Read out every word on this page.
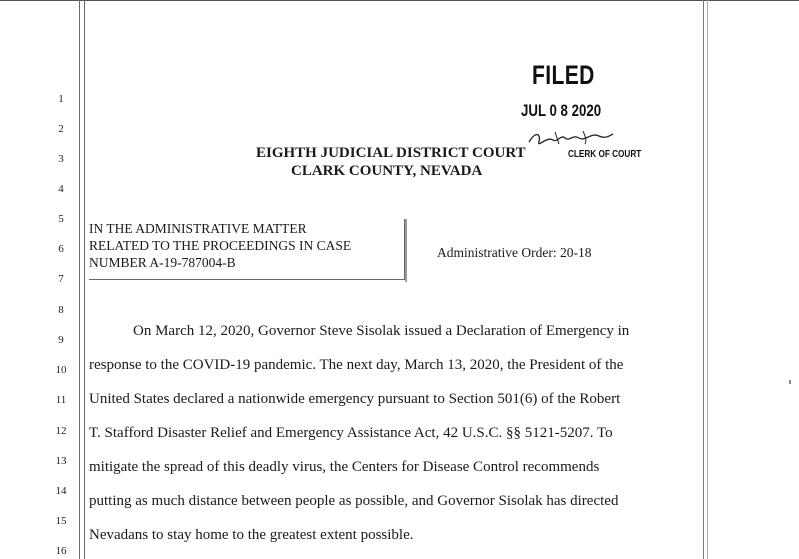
1
2
3
4
5
6
7
8
9
10
11
12
13
14
15
16
FILED
JUL 0 8 2020
CLERK OF COURT
EIGHTH JUDICIAL DISTRICT COURT
CLARK COUNTY, NEVADA
IN THE ADMINISTRATIVE MATTER
RELATED TO THE PROCEEDINGS IN CASE
NUMBER A-19-787004-B
Administrative Order: 20-18
On March 12, 2020, Governor Steve Sisolak issued a Declaration of Emergency in
response to the COVID-19 pandemic. The next day, March 13, 2020, the President of the
United States declared a nationwide emergency pursuant to Section 501(6) of the Robert
T. Stafford Disaster Relief and Emergency Assistance Act, 42 U.S.C. §§ 5121-5207. To
mitigate the spread of this deadly virus, the Centers for Disease Control recommends
putting as much distance between people as possible, and Governor Sisolak has directed
Nevadans to stay home to the greatest extent possible.
